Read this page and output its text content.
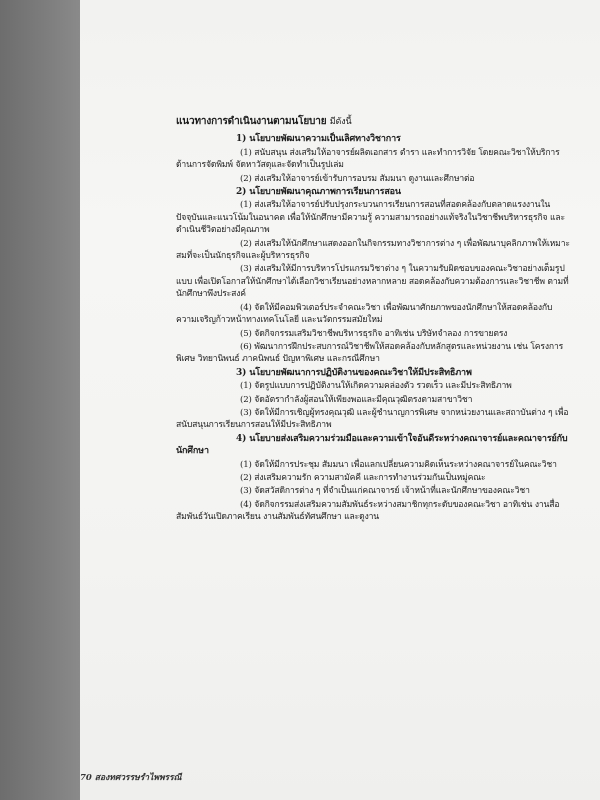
แนวทางการดำเนินงานตามนโยบาย มีดังนี้
1) นโยบายพัฒนาความเป็นเลิศทางวิชาการ
(1) สนับสนุน ส่งเสริมให้อาจารย์ผลิตเอกสาร ตำรา และทำการวิจัย โดยคณะวิชาให้บริการด้านการจัดพิมพ์ จัดหาวัสดุและจัดทำเป็นรูปเล่ม
(2) ส่งเสริมให้อาจารย์เข้ารับการอบรม สัมมนา ดูงานและศึกษาต่อ
2) นโยบายพัฒนาคุณภาพการเรียนการสอน
(1) ส่งเสริมให้อาจารย์ปรับปรุงกระบวนการเรียนการสอนที่สอดคล้องกับตลาดแรงงานในปัจจุบันและแนวโน้มในอนาคต เพื่อให้นักศึกษามีความรู้ ความสามารถอย่างแท้จริงในวิชาชีพบริหารธุรกิจ และดำเนินชีวิตอย่างมีคุณภาพ
(2) ส่งเสริมให้นักศึกษาแสดงออกในกิจกรรมทางวิชาการต่าง ๆ เพื่อพัฒนาบุคลิกภาพให้เหมาะสมที่จะเป็นนักธุรกิจและผู้บริหารธุรกิจ
(3) ส่งเสริมให้มีการบริหารโปรแกรมวิชาต่าง ๆ ในความรับผิดชอบของคณะวิชาอย่างเต็มรูปแบบ เพื่อเปิดโอกาสให้นักศึกษาได้เลือกวิชาเรียนอย่างหลากหลาย สอดคล้องกับความต้องการและวิชาชีพ ตามที่นักศึกษาพึงประสงค์
(4) จัดให้มีคอมพิวเตอร์ประจำคณะวิชา เพื่อพัฒนาศักยภาพของนักศึกษาให้สอดคล้องกับความเจริญก้าวหน้าทางเทคโนโลยี และนวัตกรรมสมัยใหม่
(5) จัดกิจกรรมเสริมวิชาชีพบริหารธุรกิจ อาทิเช่น บริษัทจำลอง การขายตรง
(6) พัฒนาการฝึกประสบการณ์วิชาชีพให้สอดคล้องกับหลักสูตรและหน่วยงาน เช่น โครงการพิเศษ วิทยานิพนธ์ ภาคนิพนธ์ ปัญหาพิเศษ และกรณีศึกษา
3) นโยบายพัฒนาการปฏิบัติงานของคณะวิชาให้มีประสิทธิภาพ
(1) จัดรูปแบบการปฏิบัติงานให้เกิดความคล่องตัว รวดเร็ว และมีประสิทธิภาพ
(2) จัดอัตรากำลังผู้สอนให้เพียงพอและมีคุณวุฒิตรงตามสาขาวิชา
(3) จัดให้มีการเชิญผู้ทรงคุณวุฒิ และผู้ชำนาญการพิเศษ จากหน่วยงานและสถาบันต่าง ๆ เพื่อสนับสนุนการเรียนการสอนให้มีประสิทธิภาพ
4) นโยบายส่งเสริมความร่วมมือและความเข้าใจอันดีระหว่างคณาจารย์และคณาจารย์กับนักศึกษา
(1) จัดให้มีการประชุม สัมมนา เพื่อแลกเปลี่ยนความคิดเห็นระหว่างคณาจารย์ในคณะวิชา
(2) ส่งเสริมความรัก ความสามัคคี และการทำงานร่วมกันเป็นหมู่คณะ
(3) จัดสวัสดิการต่าง ๆ ที่จำเป็นแก่คณาจารย์ เจ้าหน้าที่และนักศึกษาของคณะวิชา
(4) จัดกิจกรรมส่งเสริมความสัมพันธ์ระหว่างสมาชิกทุกระดับของคณะวิชา อาทิเช่น งานสื่อสัมพันธ์วันเปิดภาคเรียน งานสัมพันธ์ทัศนศึกษา และดูงาน
70 สองทศวรรษรำไพพรรณี
